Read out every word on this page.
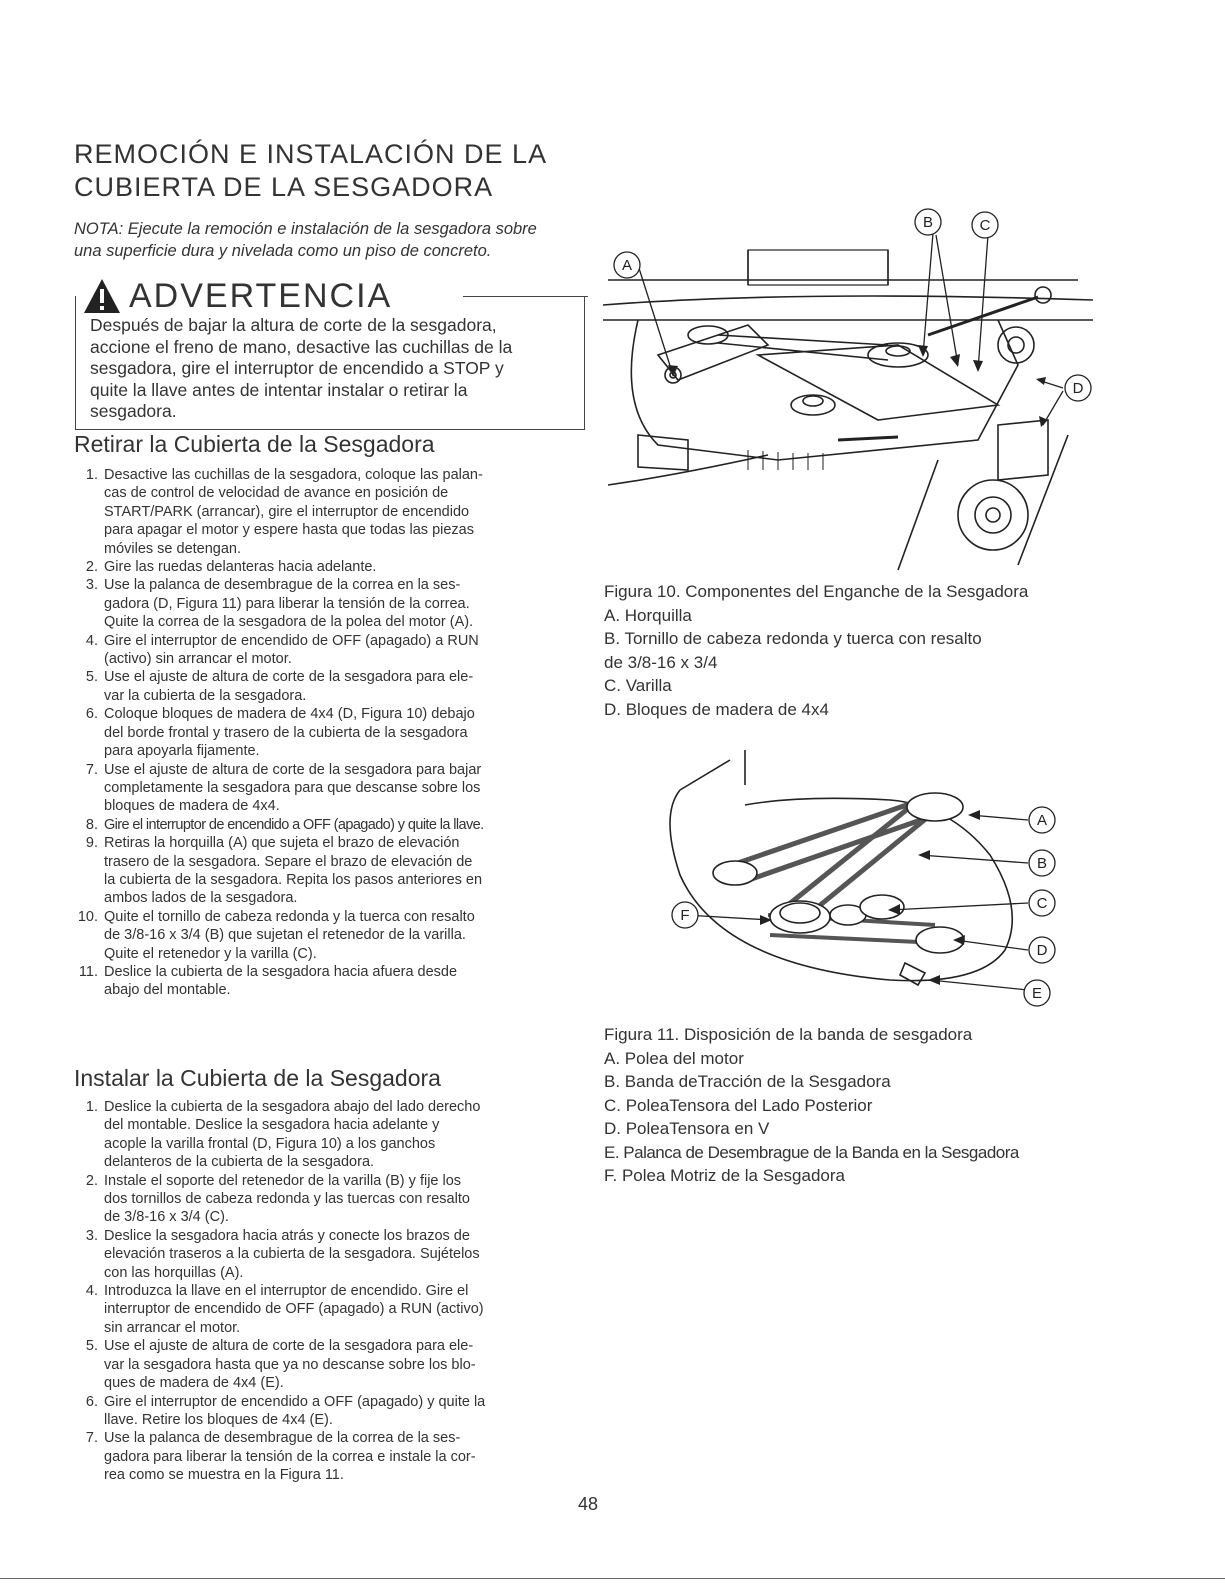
REMOCIÓN E INSTALACIÓN DE LA
CUBIERTA DE LA SESGADORA
NOTA: Ejecute la remoción e instalación de la sesgadora sobre
una superficie dura y nivelada como un piso de concreto.
ADVERTENCIA
Después de bajar la altura de corte de la sesgadora,
accione el freno de mano, desactive las cuchillas de la
sesgadora, gire el interruptor de encendido a STOP y
quite la llave antes de intentar instalar o retirar la
sesgadora.
Retirar la Cubierta de la Sesgadora
1. Desactive las cuchillas de la sesgadora, coloque las palan-
cas de control de velocidad de avance en posición de
START/PARK (arrancar), gire el interruptor de encendido
para apagar el motor y espere hasta que todas las piezas
móviles se detengan.
2. Gire las ruedas delanteras hacia adelante.
3. Use la palanca de desembrague de la correa en la ses-
gadora (D, Figura 11) para liberar la tensión de la correa.
Quite la correa de la sesgadora de la polea del motor (A).
4. Gire el interruptor de encendido de OFF (apagado) a RUN
(activo) sin arrancar el motor.
5. Use el ajuste de altura de corte de la sesgadora para ele-
var la cubierta de la sesgadora.
6. Coloque bloques de madera de 4x4 (D, Figura 10) debajo
del borde frontal y trasero de la cubierta de la sesgadora
para apoyarla fijamente.
7. Use el ajuste de altura de corte de la sesgadora para bajar
completamente la sesgadora para que descanse sobre los
bloques de madera de 4x4.
8. Gire el interruptor de encendido a OFF (apagado) y quite la llave.
9. Retiras la horquilla (A) que sujeta el brazo de elevación
trasero de la sesgadora. Separe el brazo de elevación de
la cubierta de la sesgadora. Repita los pasos anteriores en
ambos lados de la sesgadora.
10. Quite el tornillo de cabeza redonda y la tuerca con resalto
de 3/8-16 x 3/4 (B) que sujetan el retenedor de la varilla.
Quite el retenedor y la varilla (C).
11. Deslice la cubierta de la sesgadora hacia afuera desde
abajo del montable.
Instalar la Cubierta de la Sesgadora
1. Deslice la cubierta de la sesgadora abajo del lado derecho
del montable. Deslice la sesgadora hacia adelante y
acople la varilla frontal (D, Figura 10) a los ganchos
delanteros de la cubierta de la sesgadora.
2. Instale el soporte del retenedor de la varilla (B) y fije los
dos tornillos de cabeza redonda y las tuercas con resalto
de 3/8-16 x 3/4 (C).
3. Deslice la sesgadora hacia atrás y conecte los brazos de
elevación traseros a la cubierta de la sesgadora. Sujételos
con las horquillas (A).
4. Introduzca la llave en el interruptor de encendido. Gire el
interruptor de encendido de OFF (apagado) a RUN (activo)
sin arrancar el motor.
5. Use el ajuste de altura de corte de la sesgadora para ele-
var la sesgadora hasta que ya no descanse sobre los blo-
ques de madera de 4x4 (E).
6. Gire el interruptor de encendido a OFF (apagado) y quite la
llave. Retire los bloques de 4x4 (E).
7. Use la palanca de desembrague de la correa de la ses-
gadora para liberar la tensión de la correa e instale la cor-
rea como se muestra en la Figura 11.
A
B	C
D
Figura 10. Componentes del Enganche de la Sesgadora
A. Horquilla
B. Tornillo de cabeza redonda y tuerca con resalto
de 3/8-16 x 3/4
C. Varilla
D. Bloques de madera de 4x4
A
B
C
D
E
F
Figura 11. Disposición de la banda de sesgadora
A. Polea del motor
B. Banda deTracción de la Sesgadora
C. PoleaTensora del Lado Posterior
D. PoleaTensora en V
E. Palanca de Desembrague de la Banda en la Sesgadora
F. Polea Motriz de la Sesgadora
48
